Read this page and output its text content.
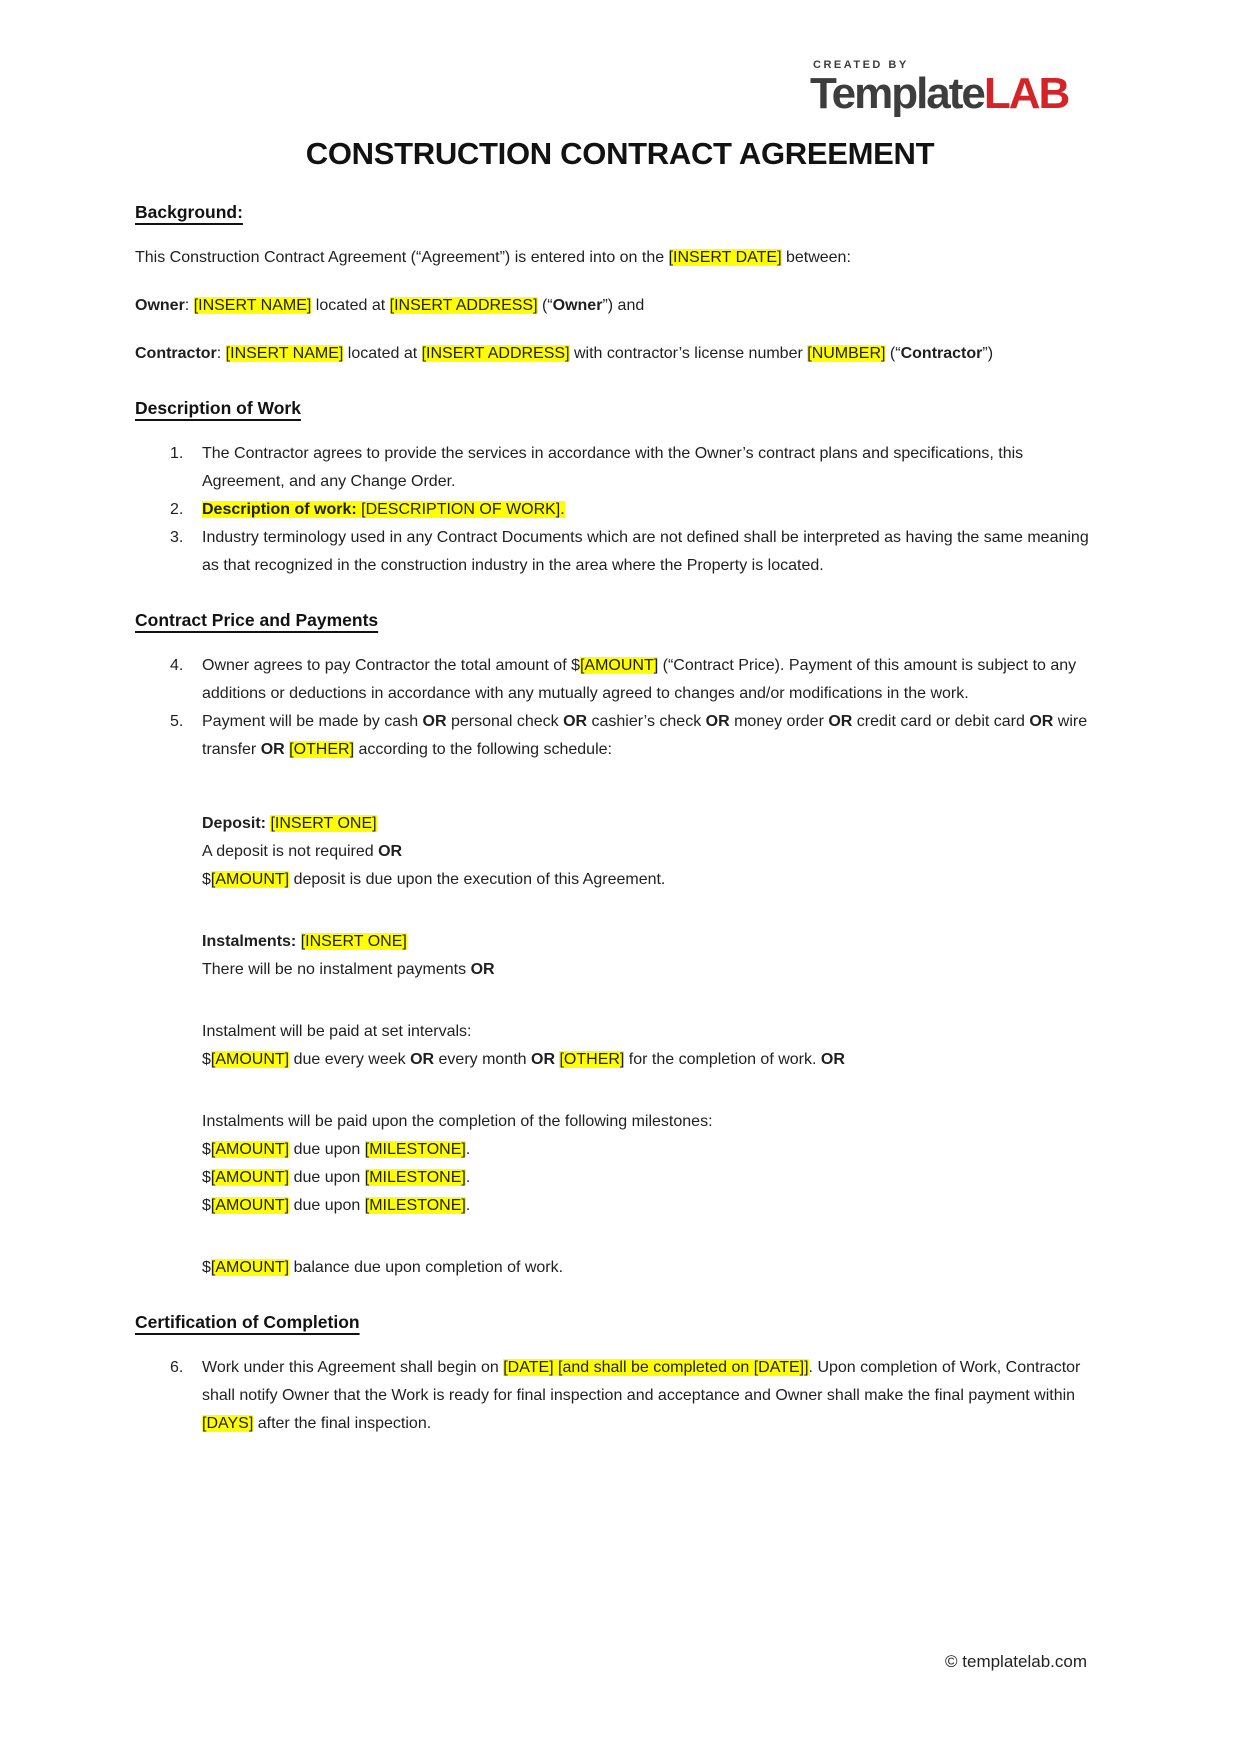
CREATED BY
TemplateLAB
CONSTRUCTION CONTRACT AGREEMENT
Background:

This Construction Contract Agreement (“Agreement”) is entered into on the [INSERT DATE] between:

Owner: [INSERT NAME] located at [INSERT ADDRESS] (“Owner”) and

Contractor: [INSERT NAME] located at [INSERT ADDRESS] with contractor’s license number [NUMBER] (“Contractor”)

Description of Work
1. The Contractor agrees to provide the services in accordance with the Owner’s contract plans and specifications, this Agreement, and any Change Order.
2. Description of work: [DESCRIPTION OF WORK].
3. Industry terminology used in any Contract Documents which are not defined shall be interpreted as having the same meaning as that recognized in the construction industry in the area where the Property is located.
Contract Price and Payments
4. Owner agrees to pay Contractor the total amount of $[AMOUNT] (“Contract Price). Payment of this amount is subject to any additions or deductions in accordance with any mutually agreed to changes and/or modifications in the work.
5. Payment will be made by cash OR personal check OR cashier’s check OR money order OR credit card or debit card OR wire transfer OR [OTHER] according to the following schedule:

Deposit: [INSERT ONE]

A deposit is not required OR

$[AMOUNT] deposit is due upon the execution of this Agreement.

Instalments: [INSERT ONE]

There will be no instalment payments OR

Instalment will be paid at set intervals:

$[AMOUNT] due every week OR every month OR [OTHER] for the completion of work. OR

Instalments will be paid upon the completion of the following milestones:

$[AMOUNT] due upon [MILESTONE].

$[AMOUNT] due upon [MILESTONE].

$[AMOUNT] due upon [MILESTONE].

$[AMOUNT] balance due upon completion of work.

Certification of Completion
6. Work under this Agreement shall begin on [DATE] [and shall be completed on [DATE]]. Upon completion of Work, Contractor shall notify Owner that the Work is ready for final inspection and acceptance and Owner shall make the final payment within [DAYS] after the final inspection.
© templatelab.com
